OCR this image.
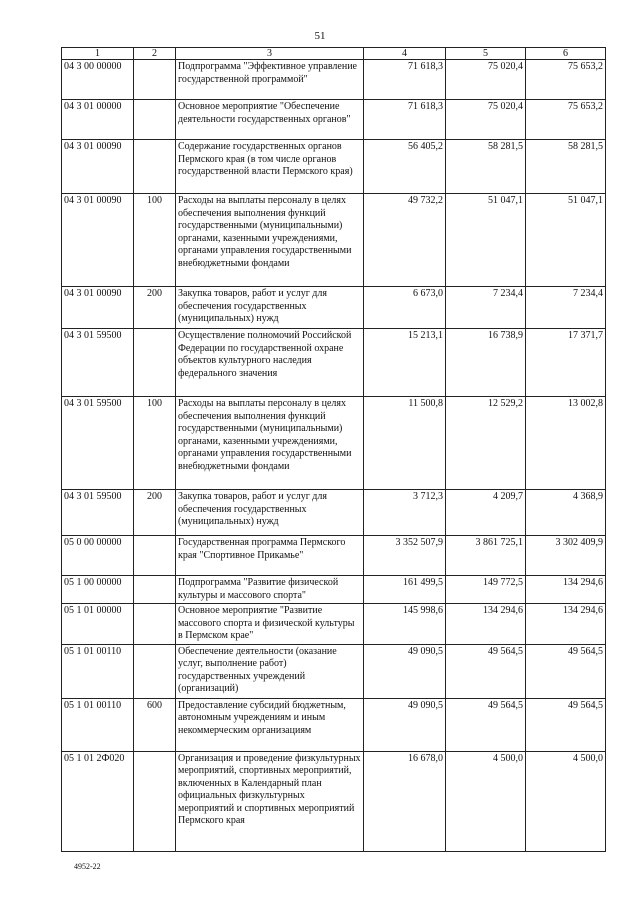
51
1	2	3	4	5	6
04 3 00 00000		Подпрограмма "Эффективное управление государственной программой"	71 618,3	75 020,4	75 653,2
04 3 01 00000		Основное мероприятие "Обеспечение деятельности государственных органов"	71 618,3	75 020,4	75 653,2
04 3 01 00090		Содержание государственных органов Пермского края (в том числе органов государственной власти Пермского края)	56 405,2	58 281,5	58 281,5
04 3 01 00090	100	Расходы на выплаты персоналу в целях обеспечения выполнения функций государственными (муниципальными) органами, казенными учреждениями, органами управления государственными внебюджетными фондами	49 732,2	51 047,1	51 047,1
04 3 01 00090	200	Закупка товаров, работ и услуг для обеспечения государственных (муниципальных) нужд	6 673,0	7 234,4	7 234,4
04 3 01 59500		Осуществление полномочий Российской Федерации по государственной охране объектов культурного наследия федерального значения	15 213,1	16 738,9	17 371,7
04 3 01 59500	100	Расходы на выплаты персоналу в целях обеспечения выполнения функций государственными (муниципальными) органами, казенными учреждениями, органами управления государственными внебюджетными фондами	11 500,8	12 529,2	13 002,8
04 3 01 59500	200	Закупка товаров, работ и услуг для обеспечения государственных (муниципальных) нужд	3 712,3	4 209,7	4 368,9
05 0 00 00000		Государственная программа Пермского края "Спортивное Прикамье"	3 352 507,9	3 861 725,1	3 302 409,9
05 1 00 00000		Подпрограмма "Развитие физической культуры и массового спорта"	161 499,5	149 772,5	134 294,6
05 1 01 00000		Основное мероприятие "Развитие массового спорта и физической культуры в Пермском крае"	145 998,6	134 294,6	134 294,6
05 1 01 00110		Обеспечение деятельности (оказание услуг, выполнение работ) государственных учреждений (организаций)	49 090,5	49 564,5	49 564,5
05 1 01 00110	600	Предоставление субсидий бюджетным, автономным учреждениям и иным некоммерческим организациям	49 090,5	49 564,5	49 564,5
05 1 01 2Ф020		Организация и проведение физкультурных мероприятий, спортивных мероприятий, включенных в Календарный план официальных физкультурных мероприятий и спортивных мероприятий Пермского края	16 678,0	4 500,0	4 500,0
4952-22
